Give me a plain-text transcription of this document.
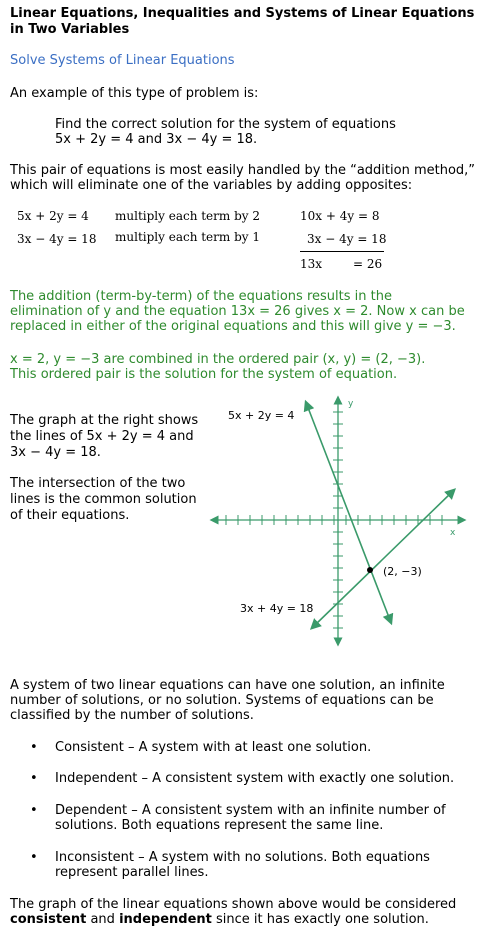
Linear Equations, Inequalities and Systems of Linear Equations
in Two Variables
Solve Systems of Linear Equations
An example of this type of problem is:
Find the correct solution for the system of equations
5x + 2y = 4 and 3x − 4y = 18.
This pair of equations is most easily handled by the “addition method,”
which will eliminate one of the variables by adding opposites:
5x + 2y = 4
3x − 4y = 18
multiply each term by 2
multiply each term by 1
10x + 4y = 8
3x − 4y = 18
13x	= 26
The addition (term-by-term) of the equations results in the
elimination of y and the equation 13x = 26 gives x = 2. Now x can be
replaced in either of the original equations and this will give y = −3.
x = 2, y = −3 are combined in the ordered pair (x, y) = (2, −3).
This ordered pair is the solution for the system of equation.
The graph at the right shows
the lines of 5x + 2y = 4 and
3x − 4y = 18.
The intersection of the two
lines is the common solution
of their equations.
y
x
5x + 2y = 4
3x + 4y = 18
(2, −3)
A system of two linear equations can have one solution, an infinite
number of solutions, or no solution. Systems of equations can be
classified by the number of solutions.
• Consistent – A system with at least one solution.
• Independent – A consistent system with exactly one solution.
• Dependent – A consistent system with an infinite number of
solutions. Both equations represent the same line.
• Inconsistent – A system with no solutions. Both equations
represent parallel lines.
The graph of the linear equations shown above would be considered
consistent and independent since it has exactly one solution.
